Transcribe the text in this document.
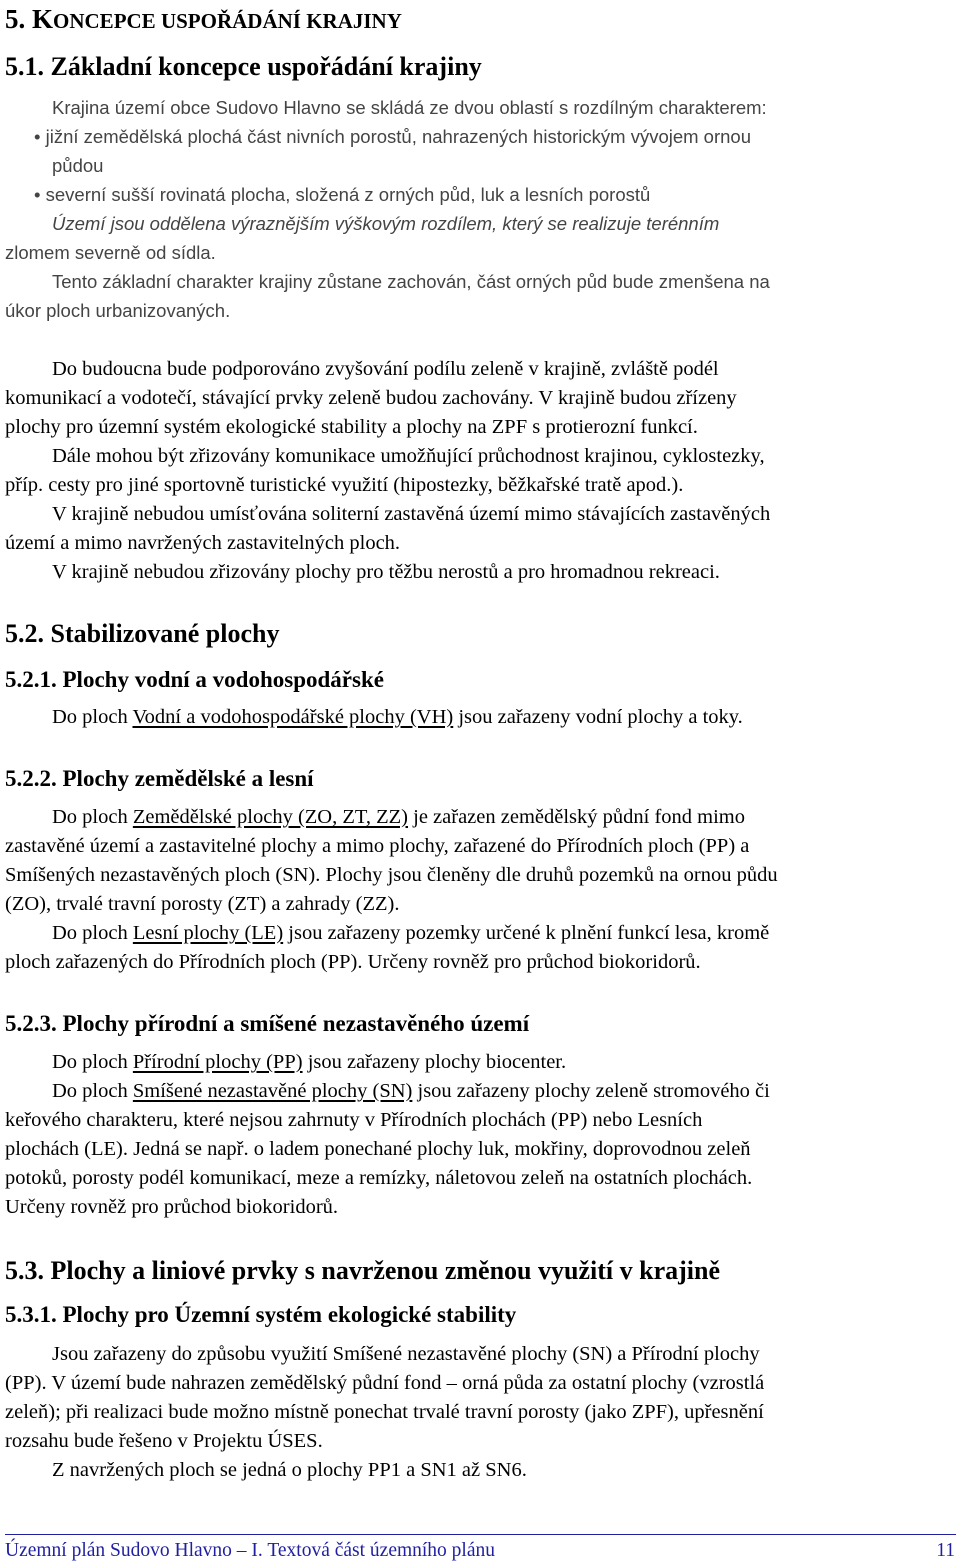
5. KONCEPCE USPOŘÁDÁNÍ KRAJINY
5.1. Základní koncepce uspořádání krajiny
Krajina území obce Sudovo Hlavno se skládá ze dvou oblastí s rozdílným charakterem:
• jižní zemědělská plochá část nivních porostů, nahrazených historickým vývojem ornou
půdou
• severní sušší rovinatá plocha, složená z orných půd, luk a lesních porostů
Území jsou oddělena výraznějším výškovým rozdílem, který se realizuje terénním
zlomem severně od sídla.
Tento základní charakter krajiny zůstane zachován, část orných půd bude zmenšena na
úkor ploch urbanizovaných.
Do budoucna bude podporováno zvyšování podílu zeleně v krajině, zvláště podél
komunikací a vodotečí, stávající prvky zeleně budou zachovány. V krajině budou zřízeny
plochy pro územní systém ekologické stability a plochy na ZPF s protierozní funkcí.
Dále mohou být zřizovány komunikace umožňující průchodnost krajinou, cyklostezky,
příp. cesty pro jiné sportovně turistické využití (hipostezky, běžkařské tratě apod.).
V krajině nebudou umísťována soliterní zastavěná území mimo stávajících zastavěných
území a mimo navržených zastavitelných ploch.
V krajině nebudou zřizovány plochy pro těžbu nerostů a pro hromadnou rekreaci.
5.2. Stabilizované plochy
5.2.1. Plochy vodní a vodohospodářské
Do ploch Vodní a vodohospodářské plochy (VH) jsou zařazeny vodní plochy a toky.
5.2.2. Plochy zemědělské a lesní
Do ploch Zemědělské plochy (ZO, ZT, ZZ) je zařazen zemědělský půdní fond mimo
zastavěné území a zastavitelné plochy a mimo plochy, zařazené do Přírodních ploch (PP) a
Smíšených nezastavěných ploch (SN). Plochy jsou členěny dle druhů pozemků na ornou půdu
(ZO), trvalé travní porosty (ZT) a zahrady (ZZ).
Do ploch Lesní plochy (LE) jsou zařazeny pozemky určené k plnění funkcí lesa, kromě
ploch zařazených do Přírodních ploch (PP). Určeny rovněž pro průchod biokoridorů.
5.2.3. Plochy přírodní a smíšené nezastavěného území
Do ploch Přírodní plochy (PP) jsou zařazeny plochy biocenter.
Do ploch Smíšené nezastavěné plochy (SN) jsou zařazeny plochy zeleně stromového či
keřového charakteru, které nejsou zahrnuty v Přírodních plochách (PP) nebo Lesních
plochách (LE). Jedná se např. o ladem ponechané plochy luk, mokřiny, doprovodnou zeleň
potoků, porosty podél komunikací, meze a remízky, náletovou zeleň na ostatních plochách.
Určeny rovněž pro průchod biokoridorů.
5.3. Plochy a liniové prvky s navrženou změnou využití v krajině
5.3.1. Plochy pro Územní systém ekologické stability
Jsou zařazeny do způsobu využití Smíšené nezastavěné plochy (SN) a Přírodní plochy
(PP). V území bude nahrazen zemědělský půdní fond – orná půda za ostatní plochy (vzrostlá
zeleň); při realizaci bude možno místně ponechat trvalé travní porosty (jako ZPF), upřesnění
rozsahu bude řešeno v Projektu ÚSES.
Z navržených ploch se jedná o plochy PP1 a SN1 až SN6.
Územní plán Sudovo Hlavno – I. Textová část územního plánu	11
